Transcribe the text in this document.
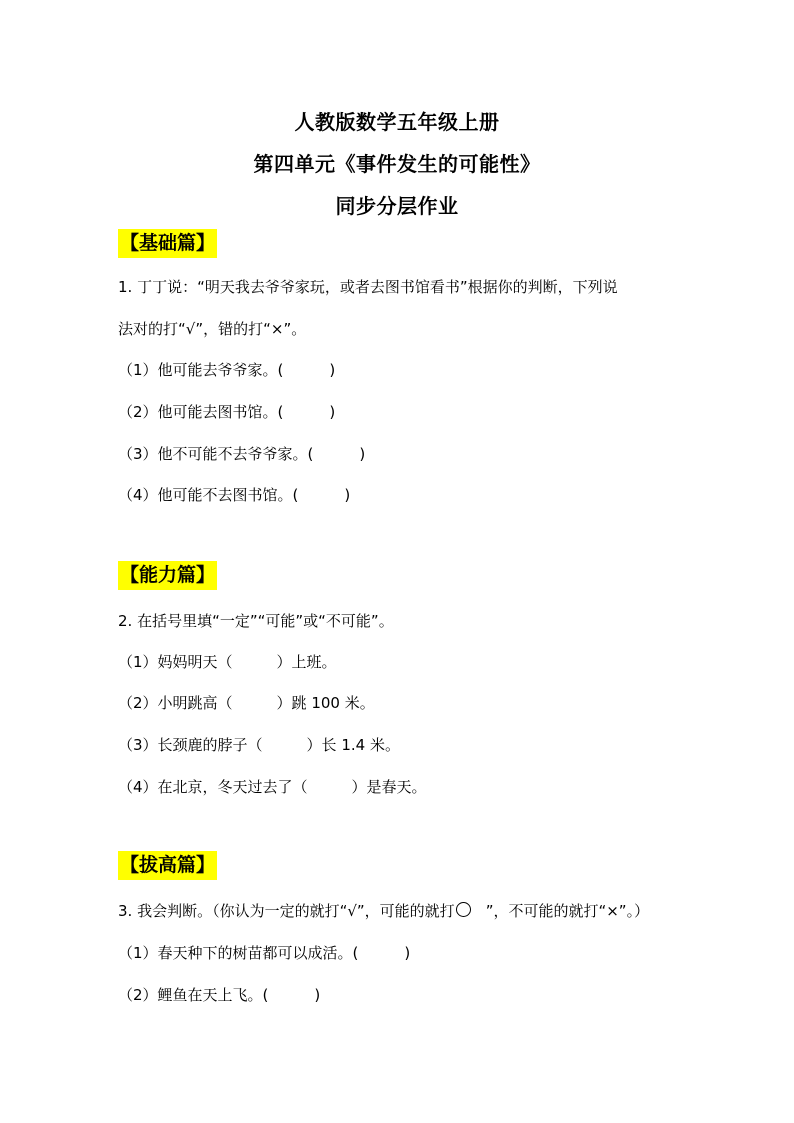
人教版数学五年级上册
第四单元《事件发生的可能性》
同步分层作业
【基础篇】
1. 丁丁说：“明天我去爷爷家玩，或者去图书馆看书”根据你的判断，下列说
法对的打“√”，错的打“×”。
（1）他可能去爷爷家。(	)
（2）他可能去图书馆。(	)
（3）他不可能不去爷爷家。(	)
（4）他可能不去图书馆。(	)
【能力篇】
2. 在括号里填“一定”“可能”或“不可能”。
（1）妈妈明天（	）上班。
（2）小明跳高（	）跳 100 米。
（3）长颈鹿的脖子（	）长 1.4 米。
（4）在北京，冬天过去了（	）是春天。
【拔高篇】
3. 我会判断。（你认为一定的就打“√”，可能的就打 ”，不可能的就打“×”。）
（1）春天种下的树苗都可以成活。(	)
（2）鲤鱼在天上飞。(	)
